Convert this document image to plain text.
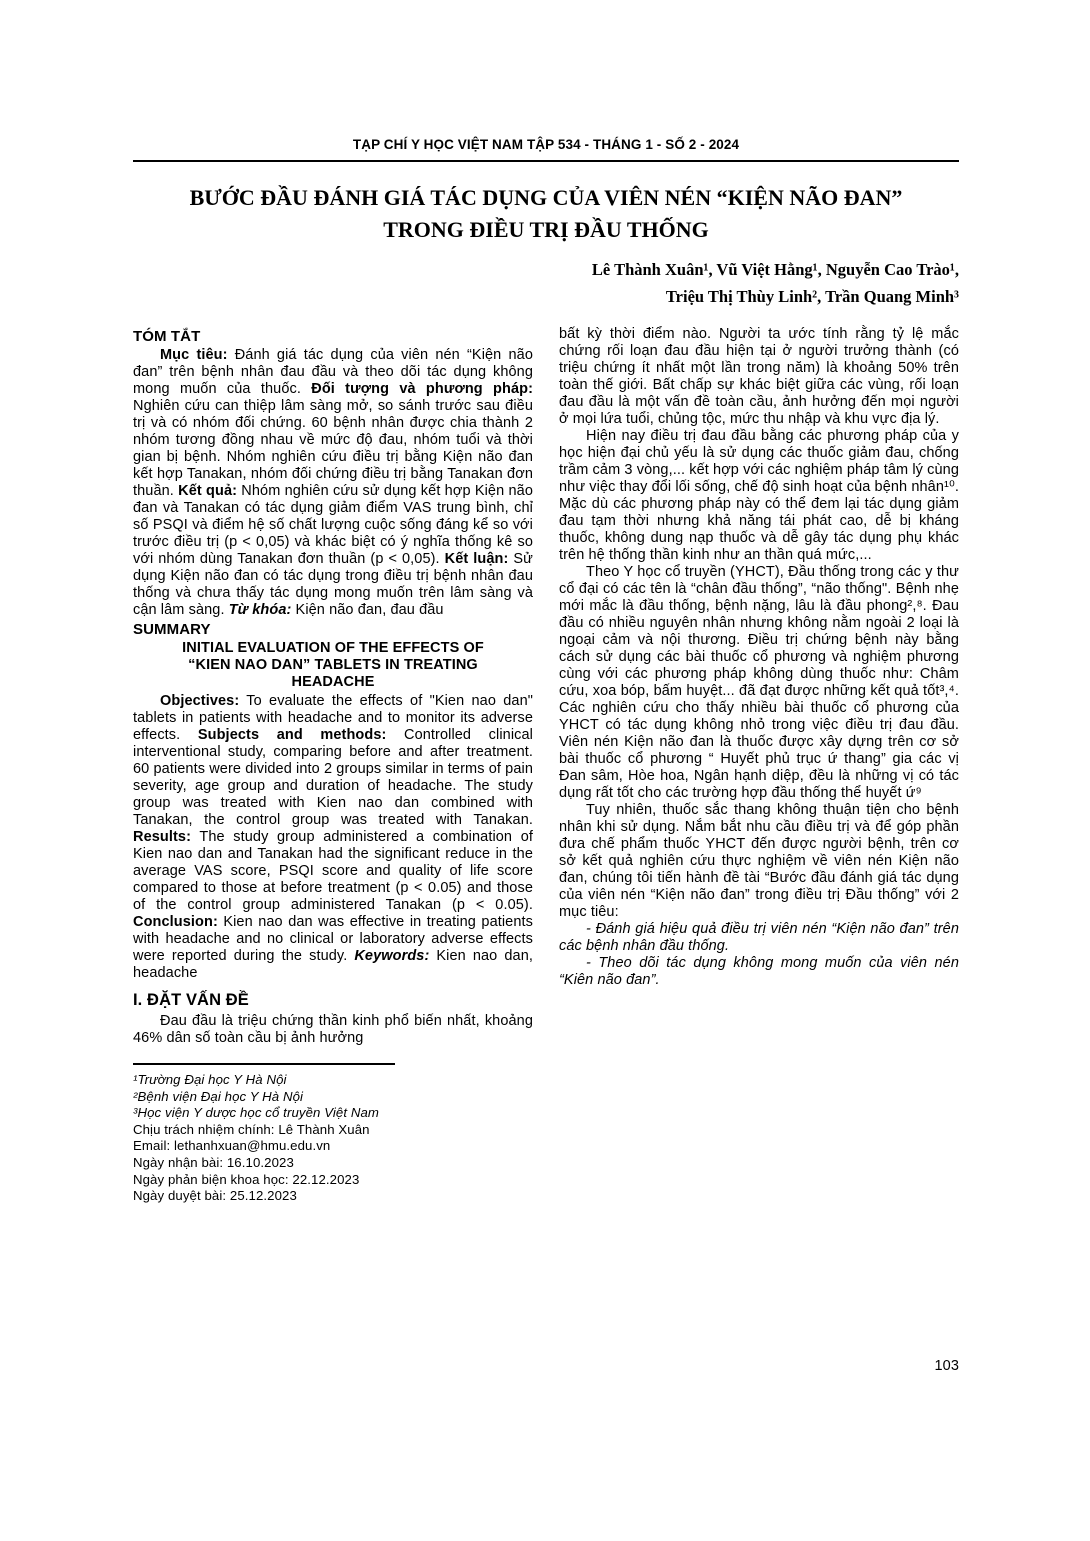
TẠP CHÍ Y HỌC VIỆT NAM TẬP 534 - THÁNG 1 - SỐ 2 - 2024
BƯỚC ĐẦU ĐÁNH GIÁ TÁC DỤNG CỦA VIÊN NÉN “KIỆN NÃO ĐAN”
TRONG ĐIỀU TRỊ ĐẦU THỐNG
Lê Thành Xuân¹, Vũ Việt Hằng¹, Nguyễn Cao Trào¹,
Triệu Thị Thùy Linh², Trần Quang Minh³
TÓM TẮT

Mục tiêu: Đánh giá tác dụng của viên nén “Kiện não đan” trên bệnh nhân đau đầu và theo dõi tác dụng không mong muốn của thuốc. Đối tượng và phương pháp: Nghiên cứu can thiệp lâm sàng mở, so sánh trước sau điều trị và có nhóm đối chứng. 60 bệnh nhân được chia thành 2 nhóm tương đồng nhau về mức độ đau, nhóm tuổi và thời gian bị bệnh. Nhóm nghiên cứu điều trị bằng Kiện não đan kết hợp Tanakan, nhóm đối chứng điều trị bằng Tanakan đơn thuần. Kết quả: Nhóm nghiên cứu sử dụng kết hợp Kiện não đan và Tanakan có tác dụng giảm điểm VAS trung bình, chỉ số PSQI và điểm hệ số chất lượng cuộc sống đáng kể so với trước điều trị (p < 0,05) và khác biệt có ý nghĩa thống kê so với nhóm dùng Tanakan đơn thuần (p < 0,05). Kết luận: Sử dụng Kiện não đan có tác dụng trong điều trị bệnh nhân đau thống và chưa thấy tác dụng mong muốn trên lâm sàng và cận lâm sàng. Từ khóa: Kiện não đan, đau đầu

SUMMARY
INITIAL EVALUATION OF THE EFFECTS OF “KIEN NAO DAN” TABLETS IN TREATING HEADACHE

Objectives: To evaluate the effects of "Kien nao dan" tablets in patients with headache and to monitor its adverse effects. Subjects and methods: Controlled clinical interventional study, comparing before and after treatment. 60 patients were divided into 2 groups similar in terms of pain severity, age group and duration of headache. The study group was treated with Kien nao dan combined with Tanakan, the control group was treated with Tanakan. Results: The study group administered a combination of Kien nao dan and Tanakan had the significant reduce in the average VAS score, PSQI score and quality of life score compared to those at before treatment (p < 0.05) and those of the control group administered Tanakan (p < 0.05). Conclusion: Kien nao dan was effective in treating patients with headache and no clinical or laboratory adverse effects were reported during the study. Keywords: Kien nao dan, headache

I. ĐẶT VẤN ĐỀ

Đau đầu là triệu chứng thần kinh phổ biến nhất, khoảng 46% dân số toàn cầu bị ảnh hưởng

¹Trường Đại học Y Hà Nội
²Bệnh viện Đại học Y Hà Nội
³Học viện Y dược học cổ truyền Việt Nam
Chịu trách nhiệm chính: Lê Thành Xuân
Email: lethanhxuan@hmu.edu.vn
Ngày nhận bài: 16.10.2023
Ngày phản biện khoa học: 22.12.2023
Ngày duyệt bài: 25.12.2023

bất kỳ thời điểm nào. Người ta ước tính rằng tỷ lệ mắc chứng rối loạn đau đầu hiện tại ở người trưởng thành (có triệu chứng ít nhất một lần trong năm) là khoảng 50% trên toàn thế giới. Bất chấp sự khác biệt giữa các vùng, rối loạn đau đầu là một vấn đề toàn cầu, ảnh hưởng đến mọi người ở mọi lứa tuổi, chủng tộc, mức thu nhập và khu vực địa lý.

Hiện nay điều trị đau đầu bằng các phương pháp của y học hiện đại chủ yếu là sử dụng các thuốc giảm đau, chống trầm cảm 3 vòng,... kết hợp với các nghiệm pháp tâm lý cùng như việc thay đổi lối sống, chế độ sinh hoạt của bệnh nhân¹⁰. Mặc dù các phương pháp này có thể đem lại tác dụng giảm đau tạm thời nhưng khả năng tái phát cao, dễ bị kháng thuốc, không dung nạp thuốc và dễ gây tác dụng phụ khác trên hệ thống thần kinh như an thần quá mức,...

Theo Y học cổ truyền (YHCT), Đầu thống trong các y thư cổ đại có các tên là “chân đầu thống”, “não thống". Bệnh nhẹ mới mắc là đầu thống, bệnh nặng, lâu là đầu phong²,⁸. Đau đầu có nhiều nguyên nhân nhưng không nằm ngoài 2 loại là ngoại cảm và nội thương. Điều trị chứng bệnh này bằng cách sử dụng các bài thuốc cổ phương và nghiệm phương cùng với các phương pháp không dùng thuốc như: Châm cứu, xoa bóp, bấm huyệt... đã đạt được những kết quả tốt³,⁴. Các nghiên cứu cho thấy nhiều bài thuốc cổ phương của YHCT có tác dụng không nhỏ trong việc điều trị đau đầu. Viên nén Kiện não đan là thuốc được xây dựng trên cơ sở bài thuốc cổ phương “ Huyết phủ trục ứ thang” gia các vị Đan sâm, Hòe hoa, Ngân hạnh diệp, đều là những vị có tác dụng rất tốt cho các trường hợp đầu thống thể huyết ứ⁹

Tuy nhiên, thuốc sắc thang không thuận tiện cho bệnh nhân khi sử dụng. Nắm bắt nhu cầu điều trị và để góp phần đưa chế phẩm thuốc YHCT đến được người bệnh, trên cơ sở kết quả nghiên cứu thực nghiệm về viên nén Kiện não đan, chúng tôi tiến hành đề tài “Bước đầu đánh giá tác dụng của viên nén “Kiện não đan” trong điều trị Đầu thống” với 2 mục tiêu:

- Đánh giá hiệu quả điều trị viên nén “Kiện não đan” trên các bệnh nhân đầu thống.

- Theo dõi tác dụng không mong muốn của viên nén “Kiên não đan”.

103
